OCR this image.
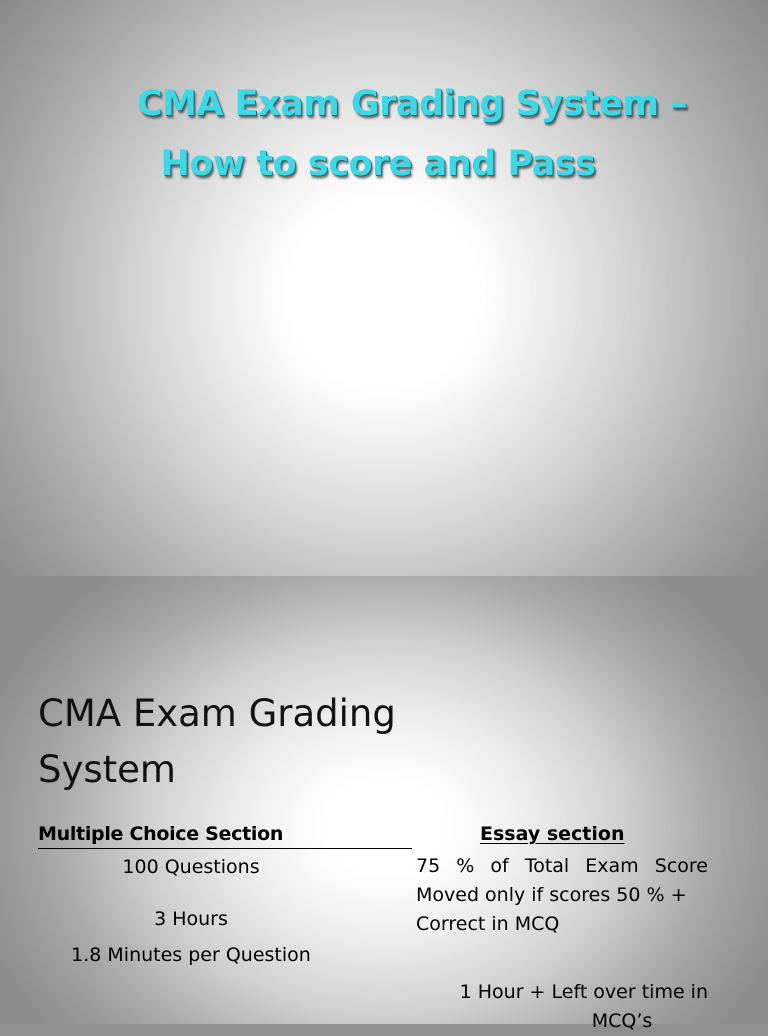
CMA Exam Grading System –
How to score and Pass
CMA Exam Grading
System
Multiple Choice Section	Essay section
100 Questions
3 Hours
1.8 Minutes per Question
75 % of Total Exam Score
Moved only if scores 50 % +
Correct in MCQ
1 Hour + Left over time in
MCQ’s
